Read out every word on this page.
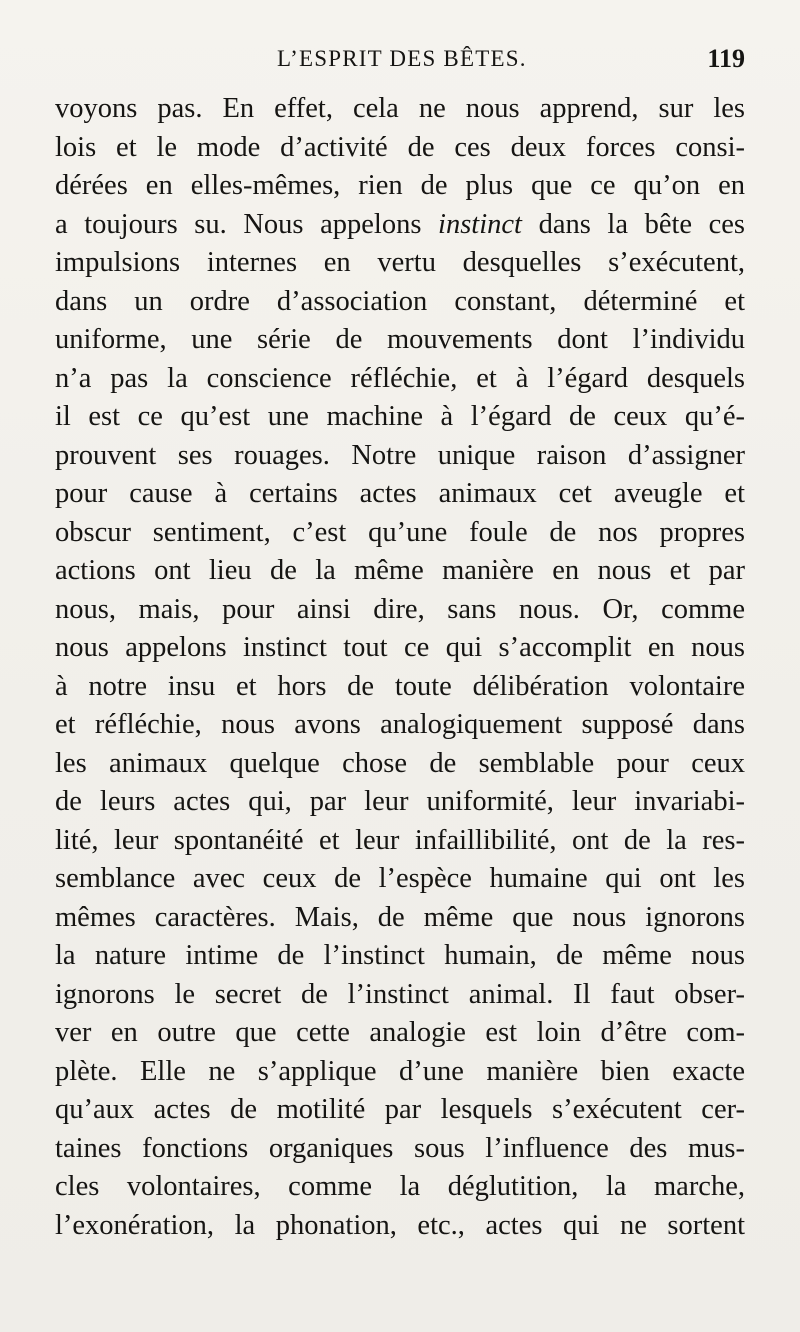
L’ESPRIT DES BÊTES.	119
voyons pas. En effet, cela ne nous apprend, sur les
lois et le mode d’activité de ces deux forces consi-
dérées en elles-mêmes, rien de plus que ce qu’on en
a toujours su. Nous appelons instinct dans la bête ces
impulsions internes en vertu desquelles s’exécutent,
dans un ordre d’association constant, déterminé et
uniforme, une série de mouvements dont l’individu
n’a pas la conscience réfléchie, et à l’égard desquels
il est ce qu’est une machine à l’égard de ceux qu’é-
prouvent ses rouages. Notre unique raison d’assigner
pour cause à certains actes animaux cet aveugle et
obscur sentiment, c’est qu’une foule de nos propres
actions ont lieu de la même manière en nous et par
nous, mais, pour ainsi dire, sans nous. Or, comme
nous appelons instinct tout ce qui s’accomplit en nous
à notre insu et hors de toute délibération volontaire
et réfléchie, nous avons analogiquement supposé dans
les animaux quelque chose de semblable pour ceux
de leurs actes qui, par leur uniformité, leur invariabi-
lité, leur spontanéité et leur infaillibilité, ont de la res-
semblance avec ceux de l’espèce humaine qui ont les
mêmes caractères. Mais, de même que nous ignorons
la nature intime de l’instinct humain, de même nous
ignorons le secret de l’instinct animal. Il faut obser-
ver en outre que cette analogie est loin d’être com-
plète. Elle ne s’applique d’une manière bien exacte
qu’aux actes de motilité par lesquels s’exécutent cer-
taines fonctions organiques sous l’influence des mus-
cles volontaires, comme la déglutition, la marche,
l’exonération, la phonation, etc., actes qui ne sortent
